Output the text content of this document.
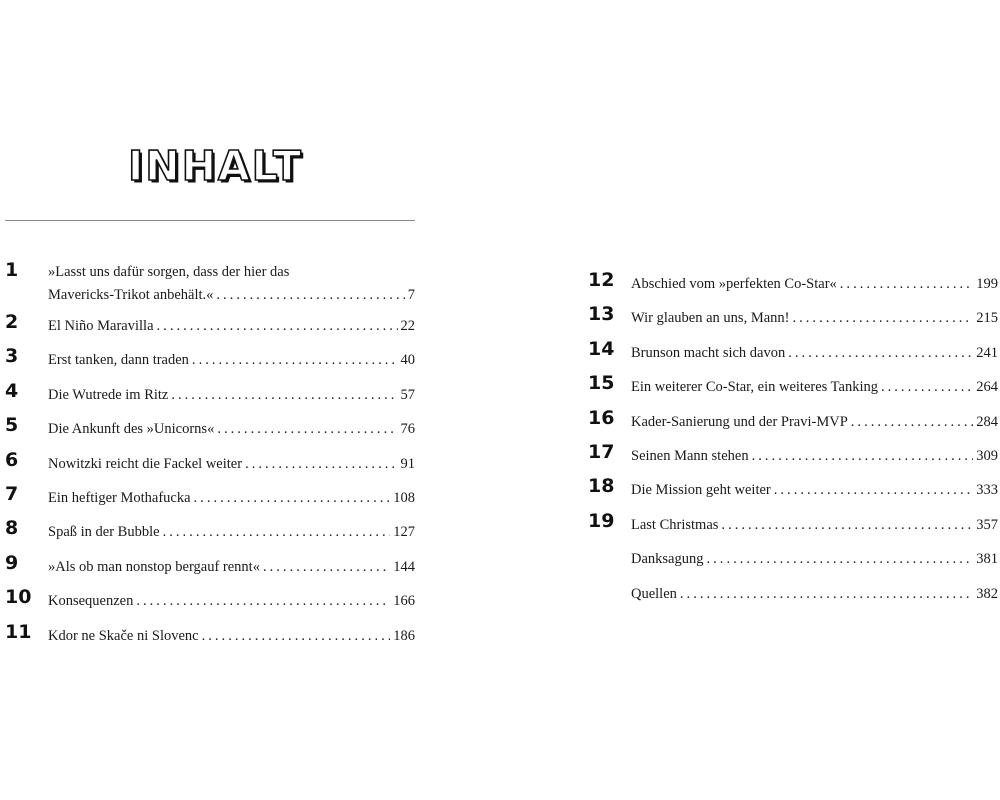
INHALT
1	»Lasst uns dafür sorgen, dass der hier das
Mavericks-Trikot anbehält.« . . .	7
2	El Niño Maravilla . . .	22
3	Erst tanken, dann traden . . .	40
4	Die Wutrede im Ritz . . .	57
5	Die Ankunft des »Unicorns« . . .	76
6	Nowitzki reicht die Fackel weiter . . .	91
7	Ein heftiger Mothafucka . . .	108
8	Spaß in der Bubble . . .	127
9	»Als ob man nonstop bergauf rennt« . . .	144
10	Konsequenzen . . .	166
11	Kdor ne Skače ni Slovenc . . .	186
12	Abschied vom »perfekten Co-Star« . . .	199
13	Wir glauben an uns, Mann! . . .	215
14	Brunson macht sich davon . . .	241
15	Ein weiterer Co-Star, ein weiteres Tanking . . .	264
16	Kader-Sanierung und der Pravi-MVP . . .	284
17	Seinen Mann stehen . . .	309
18	Die Mission geht weiter . . .	333
19	Last Christmas . . .	357
Danksagung . . .	381
Quellen . . .	382
